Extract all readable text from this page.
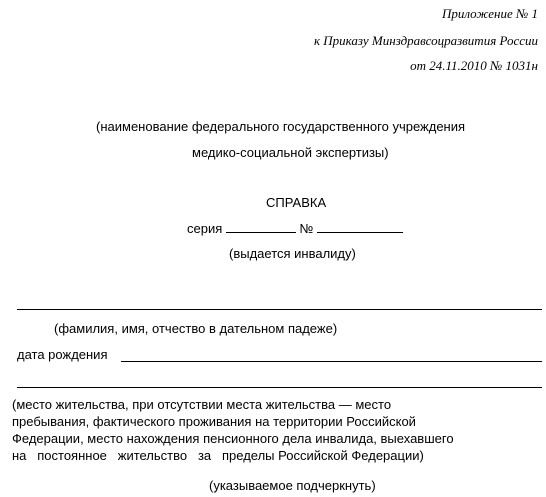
Приложение № 1
к Приказу Минздравсоцразвития России
от 24.11.2010 № 1031н
(наименование федерального государственного учреждения
медико-социальной экспертизы)
СПРАВКА
серия	№
(выдается инвалиду)
(фамилия, имя, отчество в дательном падеже)
дата рождения
(место жительства, при отсутствии места жительства — место
пребывания, фактического проживания на территории Российской
Федерации, место нахождения пенсионного дела инвалида, выехавшего
на   постоянное   жительство   за   пределы Российской Федерации)
(указываемое подчеркнуть)
